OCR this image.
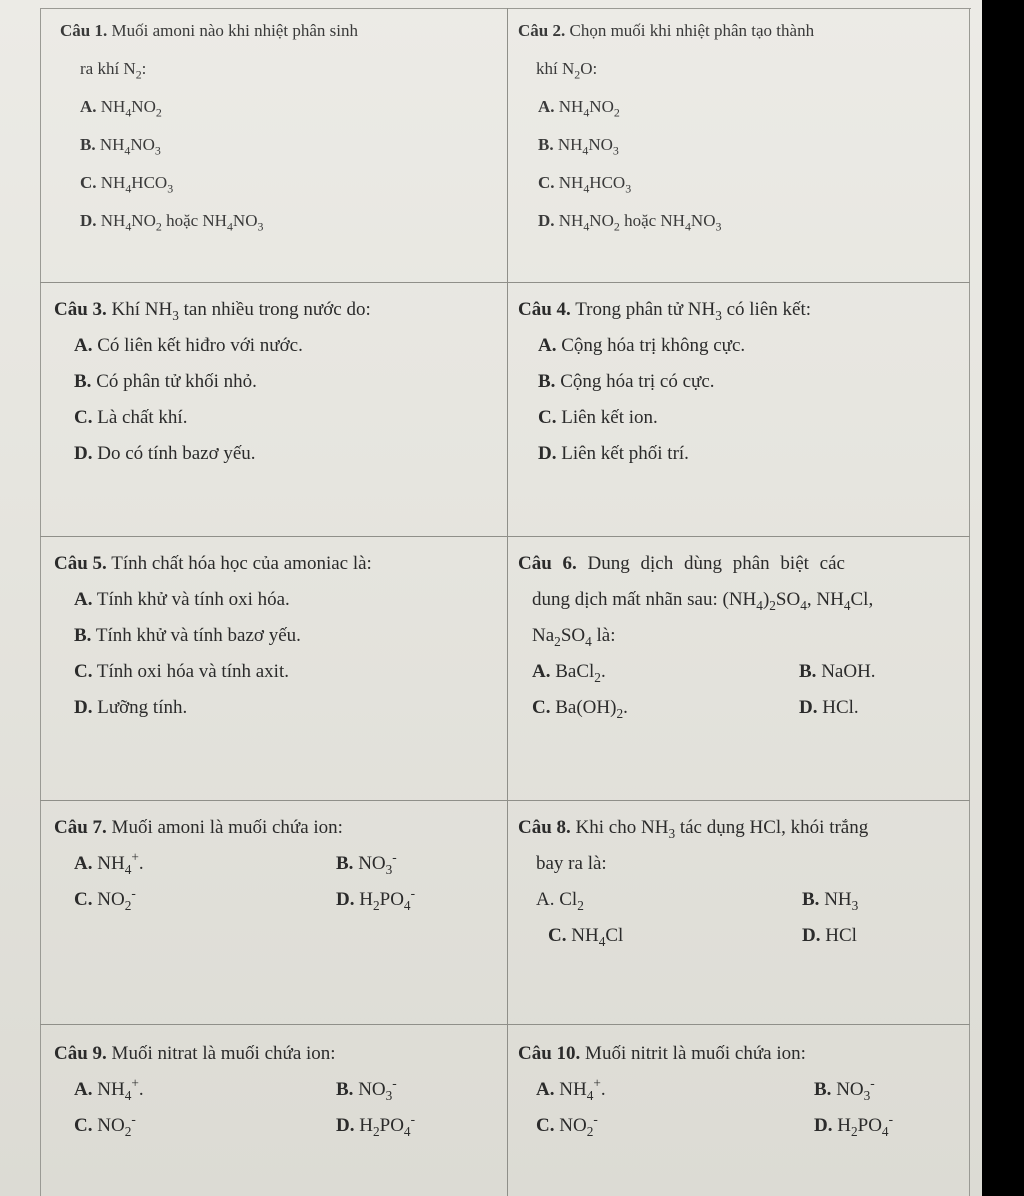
Câu 1. Muối amoni nào khi nhiệt phân sinh
ra khí $N_2$:
A. $NH_4NO_2$
B. $NH_4NO_3$
C. $NH_4HCO_3$
D. $NH_4NO_2$ hoặc $NH_4NO_3$
Câu 2. Chọn muối khi nhiệt phân tạo thành
khí $N_2O$:
A. $NH_4NO_2$
B. $NH_4NO_3$
C. $NH_4HCO_3$
D. $NH_4NO_2$ hoặc $NH_4NO_3$
Câu 3. Khí $NH_3$ tan nhiều trong nước do:
A. Có liên kết hiđro với nước.
B. Có phân tử khối nhỏ.
C. Là chất khí.
D. Do có tính bazơ yếu.
Câu 4. Trong phân tử $NH_3$ có liên kết:
A. Cộng hóa trị không cực.
B. Cộng hóa trị có cực.
C. Liên kết ion.
D. Liên kết phối trí.
Câu 5. Tính chất hóa học của amoniac là:
A. Tính khử và tính oxi hóa.
B. Tính khử và tính bazơ yếu.
C. Tính oxi hóa và tính axit.
D. Lưỡng tính.
Câu 6. Dung dịch dùng phân biệt các
dung dịch mất nhãn sau: $(NH_4)_2SO_4$, $NH_4Cl$,
$Na_2SO_4$ là:
A. BaCl$_2$.	B. NaOH.
C. $Ba(OH)_2$.	D. HCl.
Câu 7. Muối amoni là muối chứa ion:
A. $NH_4^+$.	B. $NO_3^-$
C. $NO_2^-$	D. $H_2PO_4^-$
Câu 8. Khi cho $NH_3$ tác dụng HCl, khói trắng
bay ra là:
A. $Cl_2$	B. $NH_3$
C. $NH_4Cl$	D. HCl
Câu 9. Muối nitrat là muối chứa ion:
A. $NH_4^+$.	B. $NO_3^-$
C. $NO_2^-$	D. $H_2PO_4^-$
Câu 10. Muối nitrit là muối chứa ion:
A. $NH_4^+$.	B. $NO_3^-$
C. $NO_2^-$	D. $H_2PO_4^-$
